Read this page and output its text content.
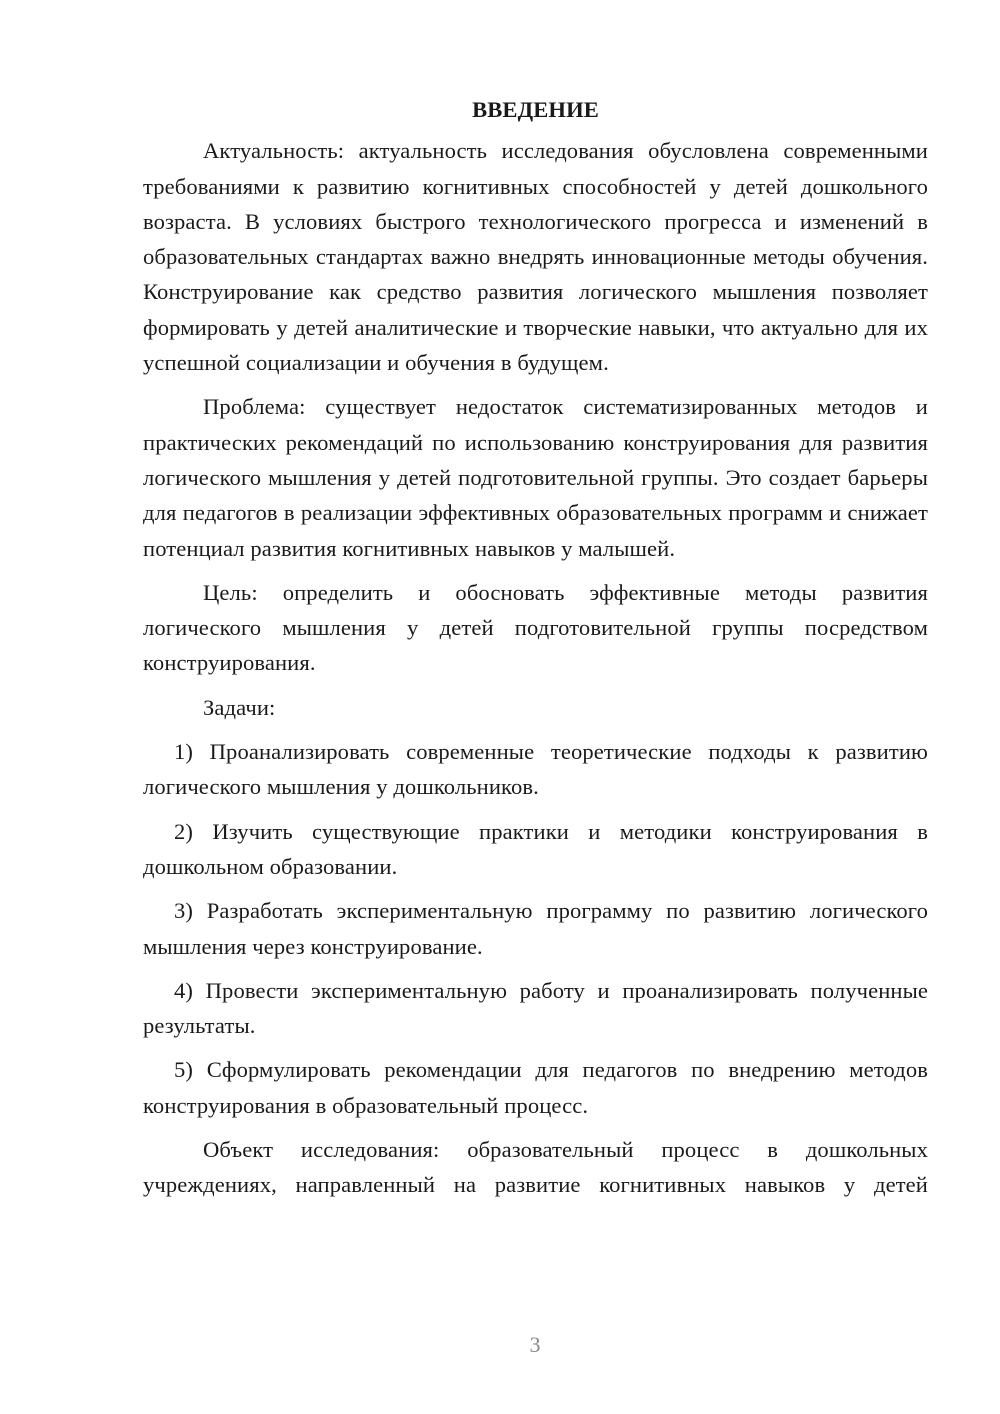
ВВЕДЕНИЕ

Актуальность: актуальность исследования обусловлена современными требованиями к развитию когнитивных способностей у детей дошкольного возраста. В условиях быстрого технологического прогресса и изменений в образовательных стандартах важно внедрять инновационные методы обучения. Конструирование как средство развития логического мышления позволяет формировать у детей аналитические и творческие навыки, что актуально для их успешной социализации и обучения в будущем.

Проблема: существует недостаток систематизированных методов и практических рекомендаций по использованию конструирования для развития логического мышления у детей подготовительной группы. Это создает барьеры для педагогов в реализации эффективных образовательных программ и снижает потенциал развития когнитивных навыков у малышей.

Цель: определить и обосновать эффективные методы развития логического мышления у детей подготовительной группы посредством конструирования.

Задачи:

1) Проанализировать современные теоретические подходы к развитию логического мышления у дошкольников.

2) Изучить существующие практики и методики конструирования в дошкольном образовании.

3) Разработать экспериментальную программу по развитию логического мышления через конструирование.

4) Провести экспериментальную работу и проанализировать полученные результаты.

5) Сформулировать рекомендации для педагогов по внедрению методов конструирования в образовательный процесс.

Объект исследования: образовательный процесс в дошкольных учреждениях, направленный на развитие когнитивных навыков у детей

3
